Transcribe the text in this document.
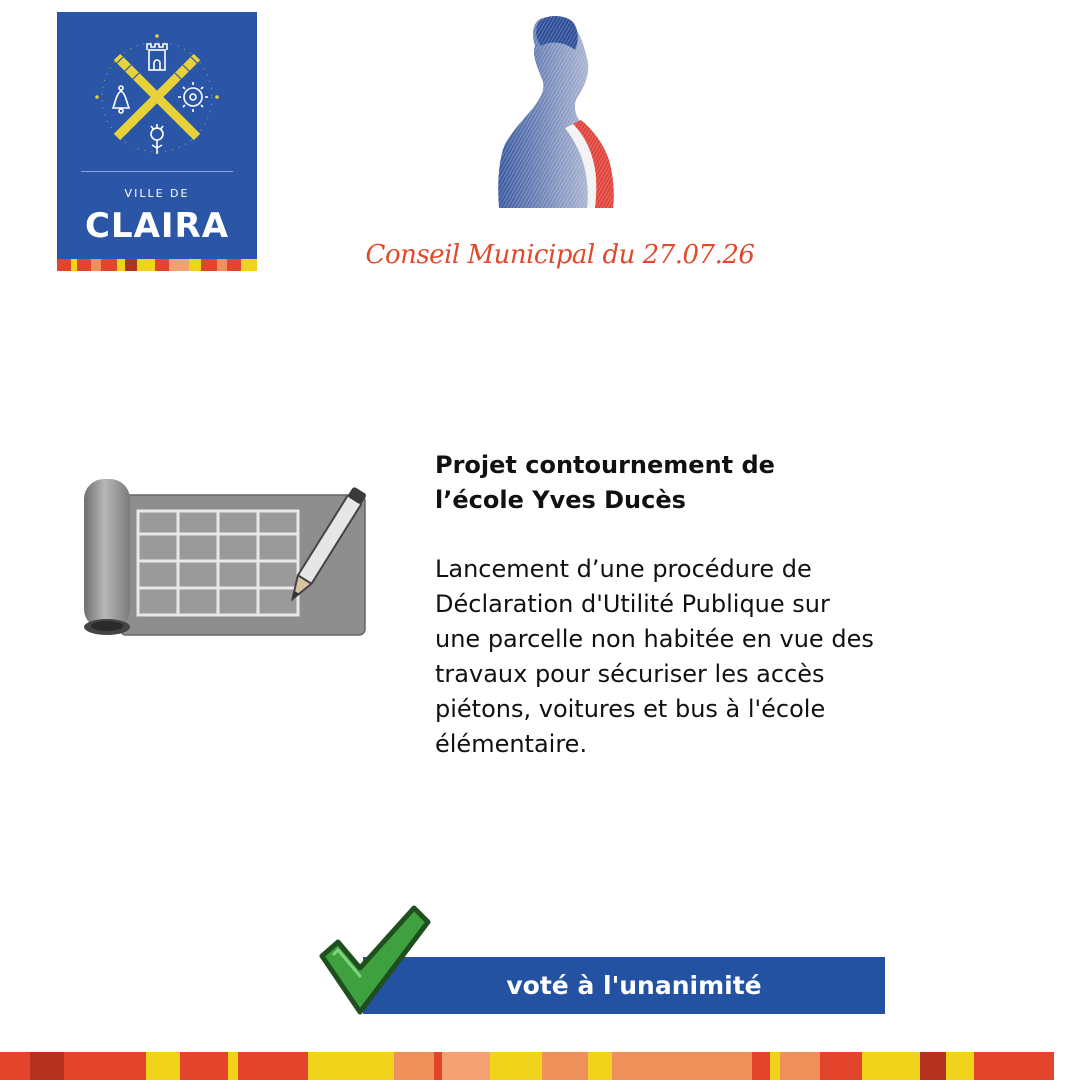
VILLE DE
CLAIRA
Conseil Municipal du 27.07.26

Projet contournement de l’école Yves Ducès

Lancement d’une procédure de Déclaration d'Utilité Publique sur une parcelle non habitée en vue des travaux pour sécuriser les accès piétons, voitures et bus à l'école élémentaire.

voté à l'unanimité
